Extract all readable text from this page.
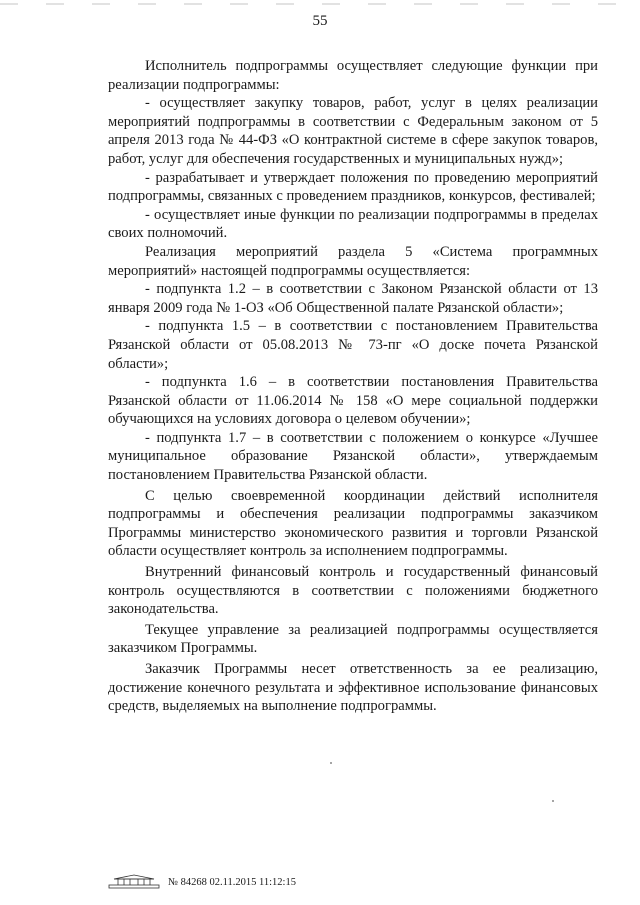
55

Исполнитель подпрограммы осуществляет следующие функции при реализации подпрограммы:

- осуществляет закупку товаров, работ, услуг в целях реализации мероприятий подпрограммы в соответствии с Федеральным законом от 5 апреля 2013 года № 44-ФЗ «О контрактной системе в сфере закупок товаров, работ, услуг для обеспечения государственных и муниципальных нужд»;

- разрабатывает и утверждает положения по проведению мероприятий подпрограммы, связанных с проведением праздников, конкурсов, фестивалей;

- осуществляет иные функции по реализации подпрограммы в пределах своих полномочий.

Реализация мероприятий раздела 5 «Система программных мероприятий» настоящей подпрограммы осуществляется:

- подпункта 1.2 – в соответствии с Законом Рязанской области от 13 января 2009 года № 1-ОЗ «Об Общественной палате Рязанской области»;

- подпункта 1.5 – в соответствии с постановлением Правительства Рязанской области от 05.08.2013 № 73-пг «О доске почета Рязанской области»;

- подпункта 1.6 – в соответствии постановления Правительства Рязанской области от 11.06.2014 № 158 «О мере социальной поддержки обучающихся на условиях договора о целевом обучении»;

- подпункта 1.7 – в соответствии с положением о конкурсе «Лучшее муниципальное образование Рязанской области», утверждаемым постановлением Правительства Рязанской области.

С целью своевременной координации действий исполнителя подпрограммы и обеспечения реализации подпрограммы заказчиком Программы министерство экономического развития и торговли Рязанской области осуществляет контроль за исполнением подпрограммы.

Внутренний финансовый контроль и государственный финансовый контроль осуществляются в соответствии с положениями бюджетного законодательства.

Текущее управление за реализацией подпрограммы осуществляется заказчиком Программы.

Заказчик Программы несет ответственность за ее реализацию, достижение конечного результата и эффективное использование финансовых средств, выделяемых на выполнение подпрограммы.

№ 84268 02.11.2015 11:12:15
